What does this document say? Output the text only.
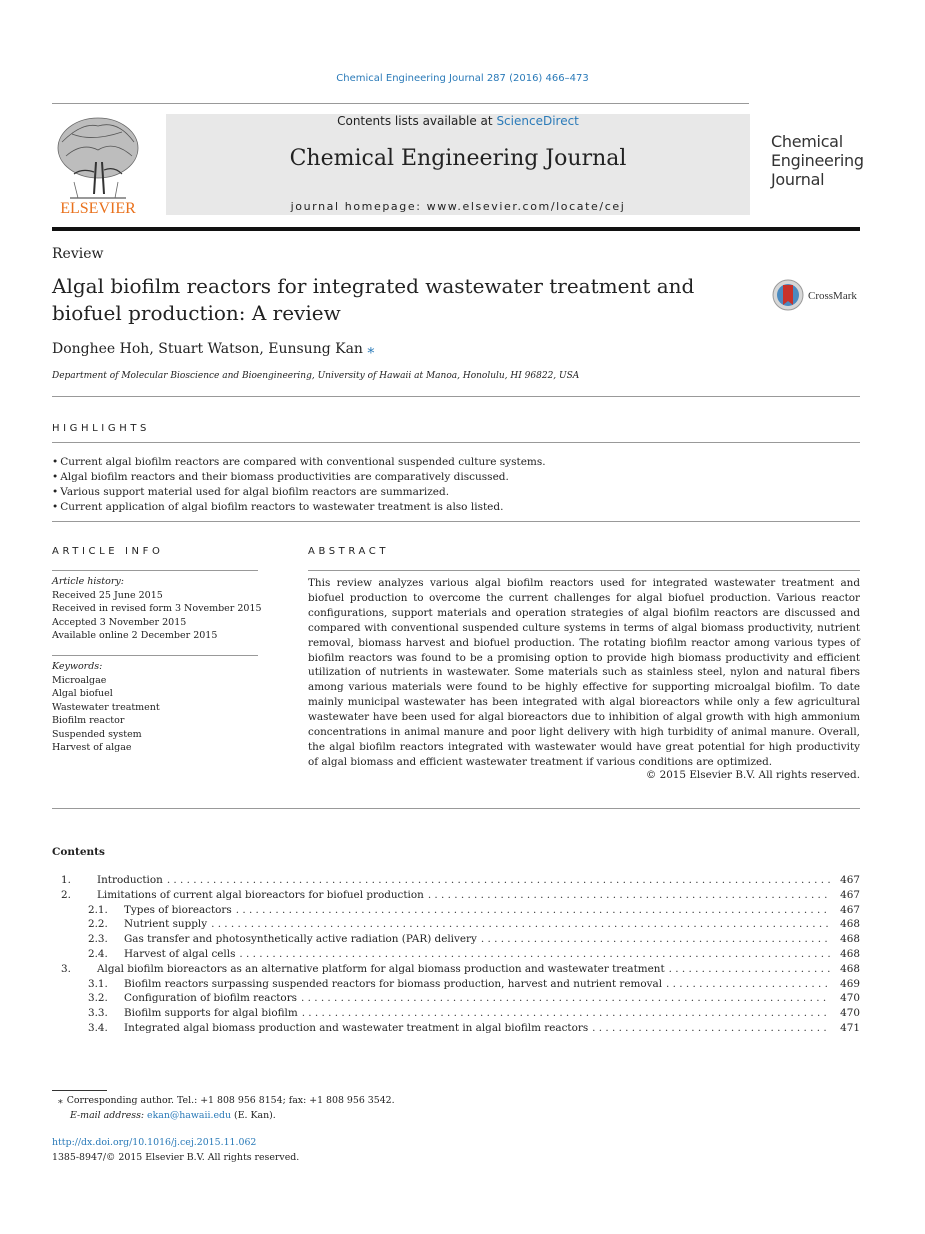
Chemical Engineering Journal 287 (2016) 466–473
ELSEVIER
Contents lists available at ScienceDirect
Chemical Engineering Journal
journal homepage: www.elsevier.com/locate/cej
Chemical
Engineering
Journal
Review
Algal biofilm reactors for integrated wastewater treatment and biofuel production: A review
CrossMark
Donghee Hoh, Stuart Watson, Eunsung Kan ⁎
Department of Molecular Bioscience and Bioengineering, University of Hawaii at Manoa, Honolulu, HI 96822, USA
HIGHLIGHTS
• Current algal biofilm reactors are compared with conventional suspended culture systems.
• Algal biofilm reactors and their biomass productivities are comparatively discussed.
• Various support material used for algal biofilm reactors are summarized.
• Current application of algal biofilm reactors to wastewater treatment is also listed.
ARTICLE INFO
Article history:
Received 25 June 2015
Received in revised form 3 November 2015
Accepted 3 November 2015
Available online 2 December 2015
Keywords:
Microalgae
Algal biofuel
Wastewater treatment
Biofilm reactor
Suspended system
Harvest of algae
ABSTRACT
This review analyzes various algal biofilm reactors used for integrated wastewater treatment and biofuel production to overcome the current challenges for algal biofuel production. Various reactor configurations, support materials and operation strategies of algal biofilm reactors are discussed and compared with conventional suspended culture systems in terms of algal biomass productivity, nutrient removal, biomass harvest and biofuel production. The rotating biofilm reactor among various types of biofilm reactors was found to be a promising option to provide high biomass productivity and efficient utilization of nutrients in wastewater. Some materials such as stainless steel, nylon and natural fibers among various materials were found to be highly effective for supporting microalgal biofilm. To date mainly municipal wastewater has been integrated with algal bioreactors while only a few agricultural wastewater have been used for algal bioreactors due to inhibition of algal growth with high ammonium concentrations in animal manure and poor light delivery with high turbidity of animal manure. Overall, the algal biofilm reactors integrated with wastewater would have great potential for high productivity of algal biomass and efficient wastewater treatment if various conditions are optimized.
© 2015 Elsevier B.V. All rights reserved.
Contents
1.	Introduction . . .	467
2.	Limitations of current algal bioreactors for biofuel production . . .	467
2.1.	Types of bioreactors . . .	467
2.2.	Nutrient supply . . .	468
2.3.	Gas transfer and photosynthetically active radiation (PAR) delivery . . .	468
2.4.	Harvest of algal cells . . .	468
3.	Algal biofilm bioreactors as an alternative platform for algal biomass production and wastewater treatment . . .	468
3.1.	Biofilm reactors surpassing suspended reactors for biomass production, harvest and nutrient removal . . .	469
3.2.	Configuration of biofilm reactors . . .	470
3.3.	Biofilm supports for algal biofilm . . .	470
3.4.	Integrated algal biomass production and wastewater treatment in algal biofilm reactors . . .	471
⁎ Corresponding author. Tel.: +1 808 956 8154; fax: +1 808 956 3542.
E-mail address: ekan@hawaii.edu (E. Kan).
http://dx.doi.org/10.1016/j.cej.2015.11.062
1385-8947/© 2015 Elsevier B.V. All rights reserved.
